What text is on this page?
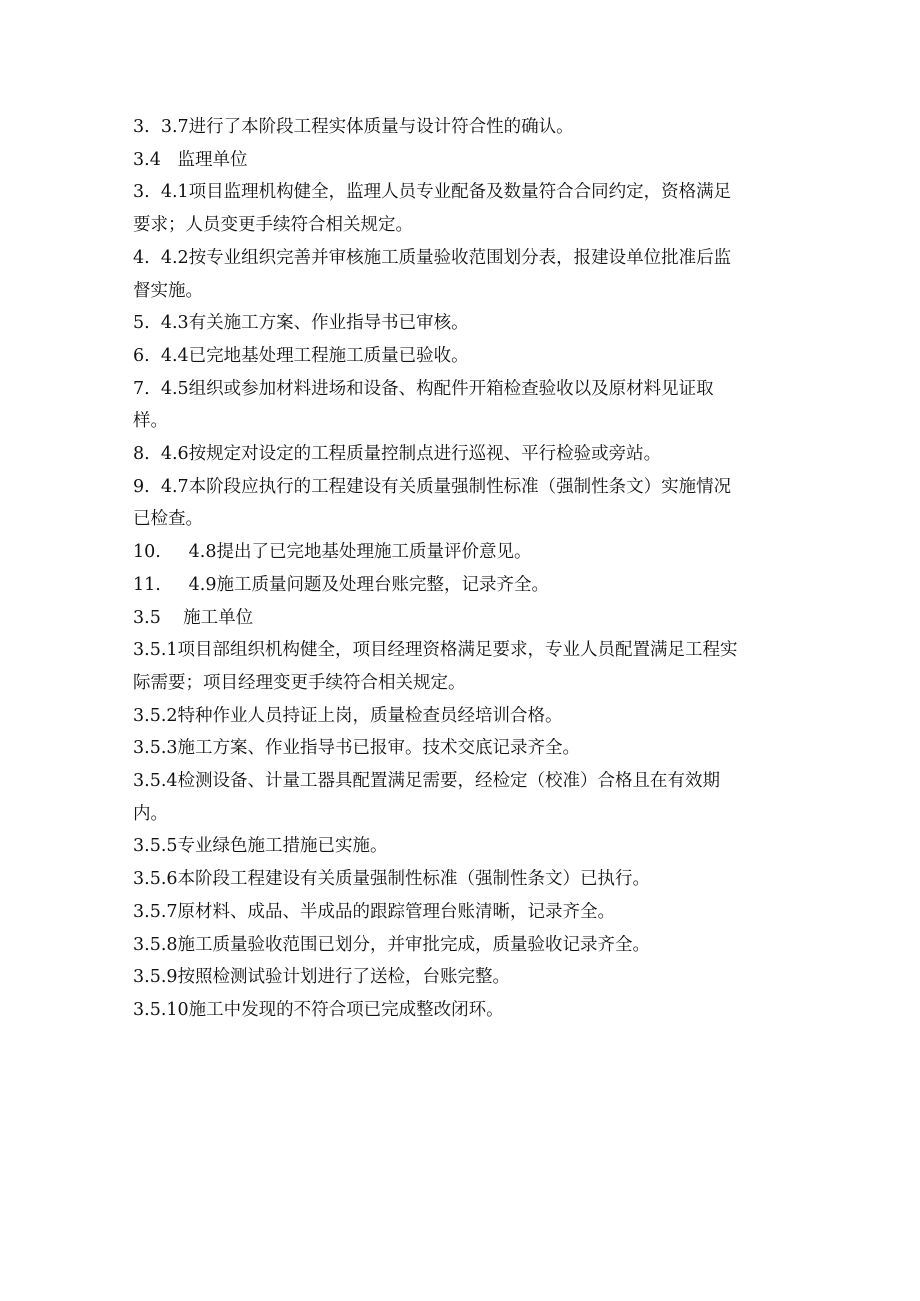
3.  3.7进行了本阶段工程实体质量与设计符合性的确认。

3.4   监理单位

3.  4.1项目监理机构健全，监理人员专业配备及数量符合合同约定，资格满足

要求；人员变更手续符合相关规定。

4.  4.2按专业组织完善并审核施工质量验收范围划分表，报建设单位批准后监

督实施。

5.  4.3有关施工方案、作业指导书已审核。

6.  4.4已完地基处理工程施工质量已验收。

7.  4.5组织或参加材料进场和设备、构配件开箱检查验收以及原材料见证取

样。

8.  4.6按规定对设定的工程质量控制点进行巡视、平行检验或旁站。

9.  4.7本阶段应执行的工程建设有关质量强制性标准（强制性条文）实施情况

已检查。

10.     4.8提出了已完地基处理施工质量评价意见。

11.     4.9施工质量问题及处理台账完整，记录齐全。

3.5    施工单位

3.5.1项目部组织机构健全，项目经理资格满足要求，专业人员配置满足工程实

际需要；项目经理变更手续符合相关规定。

3.5.2特种作业人员持证上岗，质量检查员经培训合格。

3.5.3施工方案、作业指导书已报审。技术交底记录齐全。

3.5.4检测设备、计量工器具配置满足需要，经检定（校准）合格且在有效期

内。

3.5.5专业绿色施工措施已实施。

3.5.6本阶段工程建设有关质量强制性标准（强制性条文）已执行。

3.5.7原材料、成品、半成品的跟踪管理台账清晰，记录齐全。

3.5.8施工质量验收范围已划分，并审批完成，质量验收记录齐全。

3.5.9按照检测试验计划进行了送检，台账完整。

3.5.10施工中发现的不符合项已完成整改闭环。
